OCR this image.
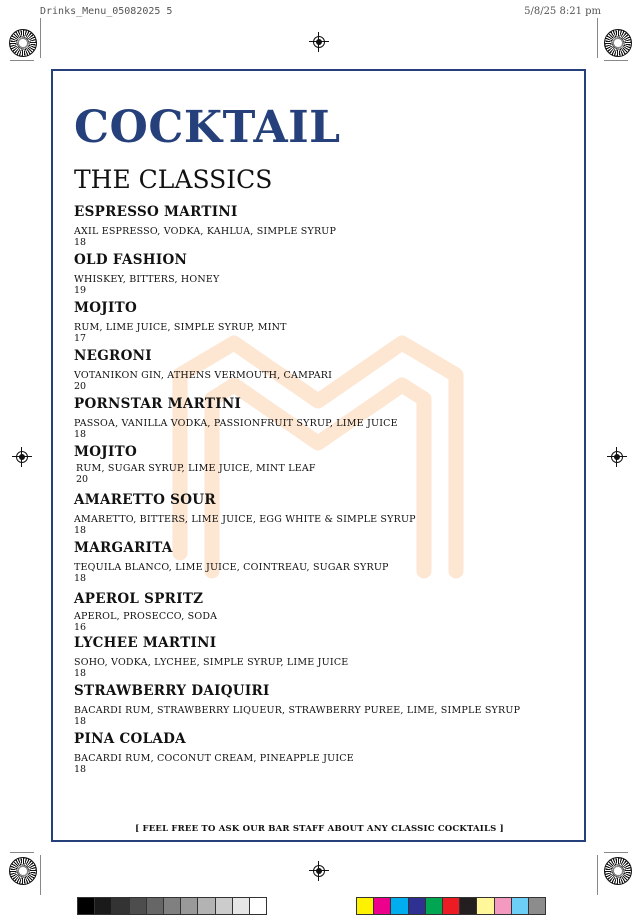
Drinks_Menu_05082025 5	5/8/25 8:21 pm
COCKTAIL
THE CLASSICS
ESPRESSO MARTINI
AXIL ESPRESSO, VODKA, KAHLUA, SIMPLE SYRUP
18
OLD FASHION
WHISKEY, BITTERS, HONEY
19
MOJITO
RUM, LIME JUICE, SIMPLE SYRUP, MINT
17
NEGRONI
VOTANIKON GIN, ATHENS VERMOUTH, CAMPARI
20
PORNSTAR MARTINI
PASSOA, VANILLA VODKA, PASSIONFRUIT SYRUP, LIME JUICE
18
MOJITO
RUM, SUGAR SYRUP, LIME JUICE, MINT LEAF
20
AMARETTO SOUR
AMARETTO, BITTERS, LIME JUICE, EGG WHITE & SIMPLE SYRUP
18
MARGARITA
TEQUILA BLANCO, LIME JUICE, COINTREAU, SUGAR SYRUP
18
APEROL SPRITZ
APEROL, PROSECCO, SODA
16
LYCHEE MARTINI
SOHO, VODKA, LYCHEE, SIMPLE SYRUP, LIME JUICE
18
STRAWBERRY DAIQUIRI
BACARDI RUM, STRAWBERRY LIQUEUR, STRAWBERRY PUREE, LIME, SIMPLE SYRUP
18
PINA COLADA
BACARDI RUM, COCONUT CREAM, PINEAPPLE JUICE
18

[ FEEL FREE TO ASK OUR BAR STAFF ABOUT ANY CLASSIC COCKTAILS ]
